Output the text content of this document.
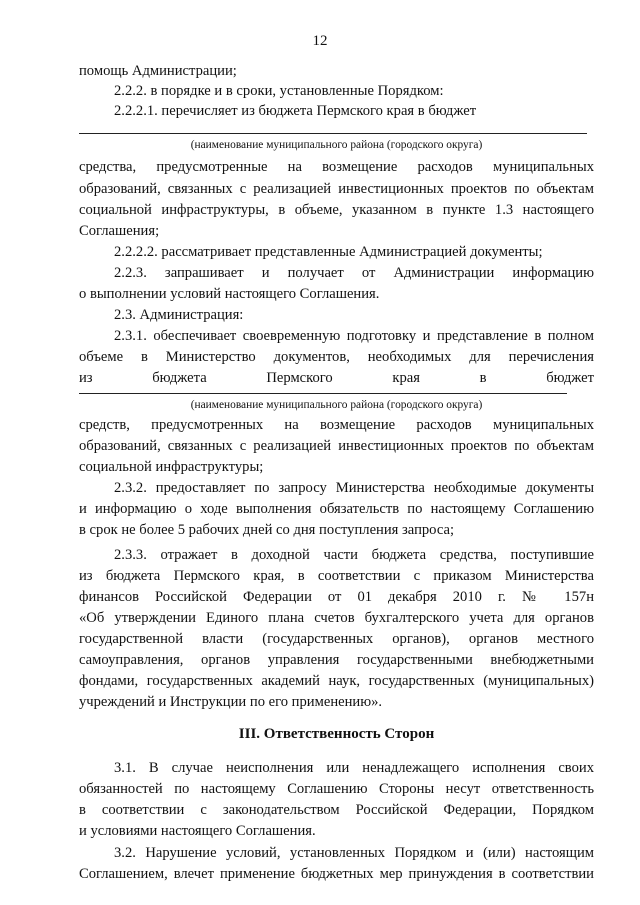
12
помощь Администрации;
2.2.2. в порядке и в сроки, установленные Порядком:
2.2.2.1. перечисляет из бюджета Пермского края в бюджет
(наименование муниципального района (городского округа)
средства, предусмотренные на возмещение расходов муниципальных
образований, связанных с реализацией инвестиционных проектов по объектам
социальной инфраструктуры, в объеме, указанном в пункте 1.3 настоящего
Соглашения;
2.2.2.2. рассматривает представленные Администрацией документы;
2.2.3. запрашивает и получает от Администрации информацию
о выполнении условий настоящего Соглашения.
2.3. Администрация:
2.3.1. обеспечивает своевременную подготовку и представление в полном
объеме в Министерство документов, необходимых для перечисления
из бюджета Пермского края в бюджет
(наименование муниципального района (городского округа)
средств, предусмотренных на возмещение расходов муниципальных
образований, связанных с реализацией инвестиционных проектов по объектам
социальной инфраструктуры;
2.3.2. предоставляет по запросу Министерства необходимые документы
и информацию о ходе выполнения обязательств по настоящему Соглашению
в срок не более 5 рабочих дней со дня поступления запроса;
2.3.3. отражает в доходной части бюджета средства, поступившие
из бюджета Пермского края, в соответствии с приказом Министерства
финансов Российской Федерации от 01 декабря 2010 г. № 157н
«Об утверждении Единого плана счетов бухгалтерского учета для органов
государственной власти (государственных органов), органов местного
самоуправления, органов управления государственными внебюджетными
фондами, государственных академий наук, государственных (муниципальных)
учреждений и Инструкции по его применению».
III. Ответственность Сторон
3.1. В случае неисполнения или ненадлежащего исполнения своих
обязанностей по настоящему Соглашению Стороны несут ответственность
в соответствии с законодательством Российской Федерации, Порядком
и условиями настоящего Соглашения.
3.2. Нарушение условий, установленных Порядком и (или) настоящим
Соглашением, влечет применение бюджетных мер принуждения в соответствии
